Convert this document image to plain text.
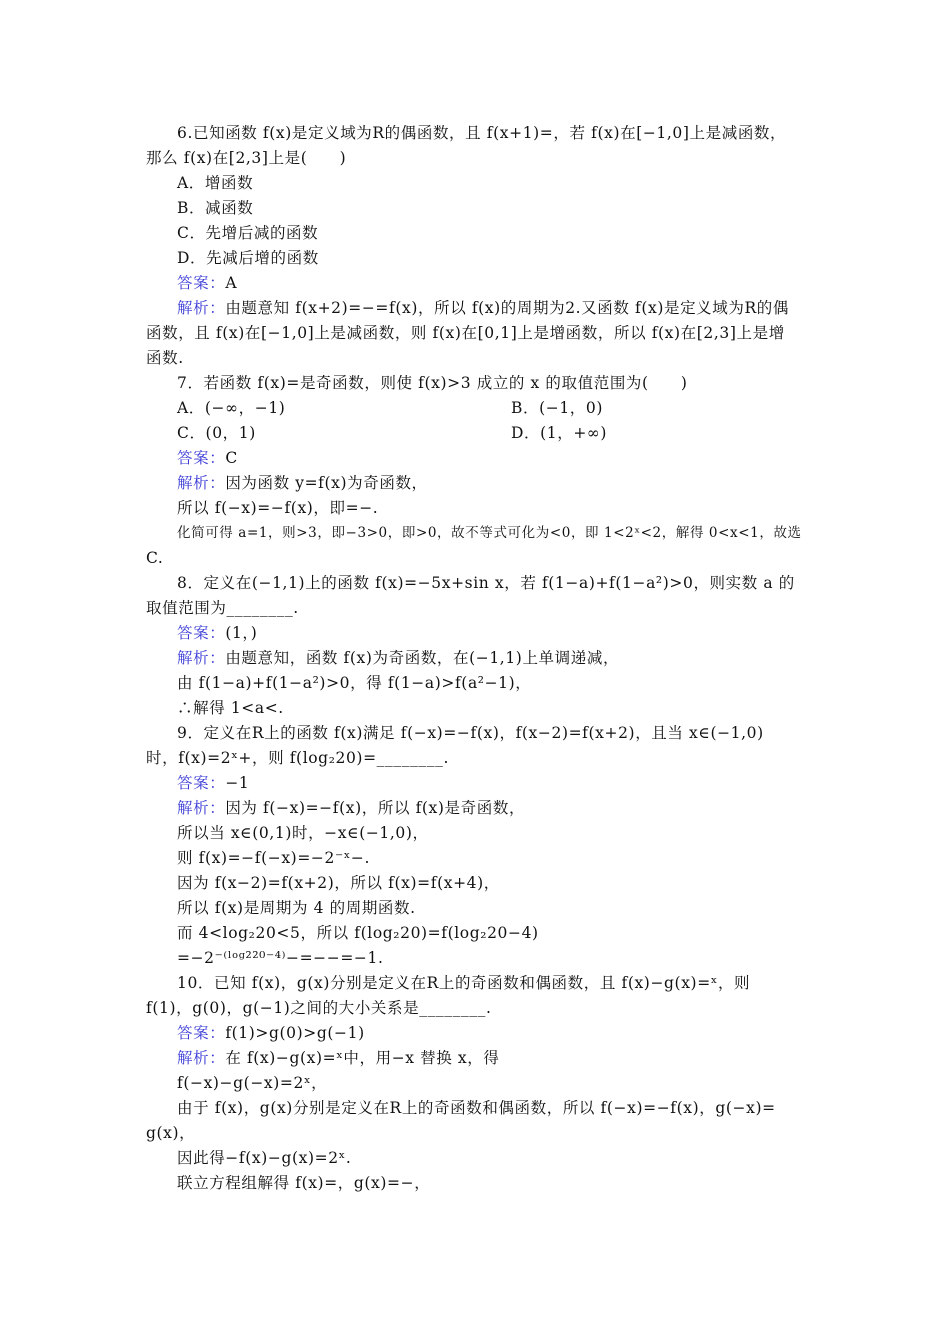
6.已知函数 f(x)是定义域为R的偶函数，且 f(x+1)=，若 f(x)在[−1,0]上是减函数，
那么 f(x)在[2,3]上是(　　)
A．增函数
B．减函数
C．先增后减的函数
D．先减后增的函数
答案：A
解析：由题意知 f(x+2)=−=f(x)，所以 f(x)的周期为2.又函数 f(x)是定义域为R的偶
函数，且 f(x)在[−1,0]上是减函数，则 f(x)在[0,1]上是增函数，所以 f(x)在[2,3]上是增
函数.
7．若函数 f(x)=是奇函数，则使 f(x)>3 成立的 x 的取值范围为(　　)
A．(−∞，−1)	B．(−1，0)
C．(0，1)	D．(1，+∞)
答案：C
解析：因为函数 y=f(x)为奇函数，
所以 f(−x)=−f(x)，即=−.
化简可得 a=1，则>3，即−3>0，即>0，故不等式可化为<0，即 1<2ˣ<2，解得 0<x<1，故选
C.
8．定义在(−1,1)上的函数 f(x)=−5x+sin x，若 f(1−a)+f(1−a²)>0，则实数 a 的
取值范围为________.
答案：(1，)
解析：由题意知，函数 f(x)为奇函数，在(−1,1)上单调递减，
由 f(1−a)+f(1−a²)>0，得 f(1−a)>f(a²−1)，
∴解得 1<a<.
9．定义在R上的函数 f(x)满足 f(−x)=−f(x)，f(x−2)=f(x+2)，且当 x∈(−1,0)
时，f(x)=2ˣ+，则 f(log₂20)=________.
答案：−1
解析：因为 f(−x)=−f(x)，所以 f(x)是奇函数，
所以当 x∈(0,1)时，−x∈(−1,0)，
则 f(x)=−f(−x)=−2⁻ˣ−.
因为 f(x−2)=f(x+2)，所以 f(x)=f(x+4)，
所以 f(x)是周期为 4 的周期函数.
而 4<log₂20<5，所以 f(log₂20)=f(log₂20−4)
=−2⁻⁽ˡᵒᵍ²²⁰⁻⁴⁾−=−−=−1.
10．已知 f(x)，g(x)分别是定义在R上的奇函数和偶函数，且 f(x)−g(x)=ˣ，则
f(1)，g(0)，g(−1)之间的大小关系是________.
答案：f(1)>g(0)>g(−1)
解析：在 f(x)−g(x)=ˣ中，用−x 替换 x，得
f(−x)−g(−x)=2ˣ，
由于 f(x)，g(x)分别是定义在R上的奇函数和偶函数，所以 f(−x)=−f(x)，g(−x)=
g(x)，
因此得−f(x)−g(x)=2ˣ.
联立方程组解得 f(x)=，g(x)=−，
